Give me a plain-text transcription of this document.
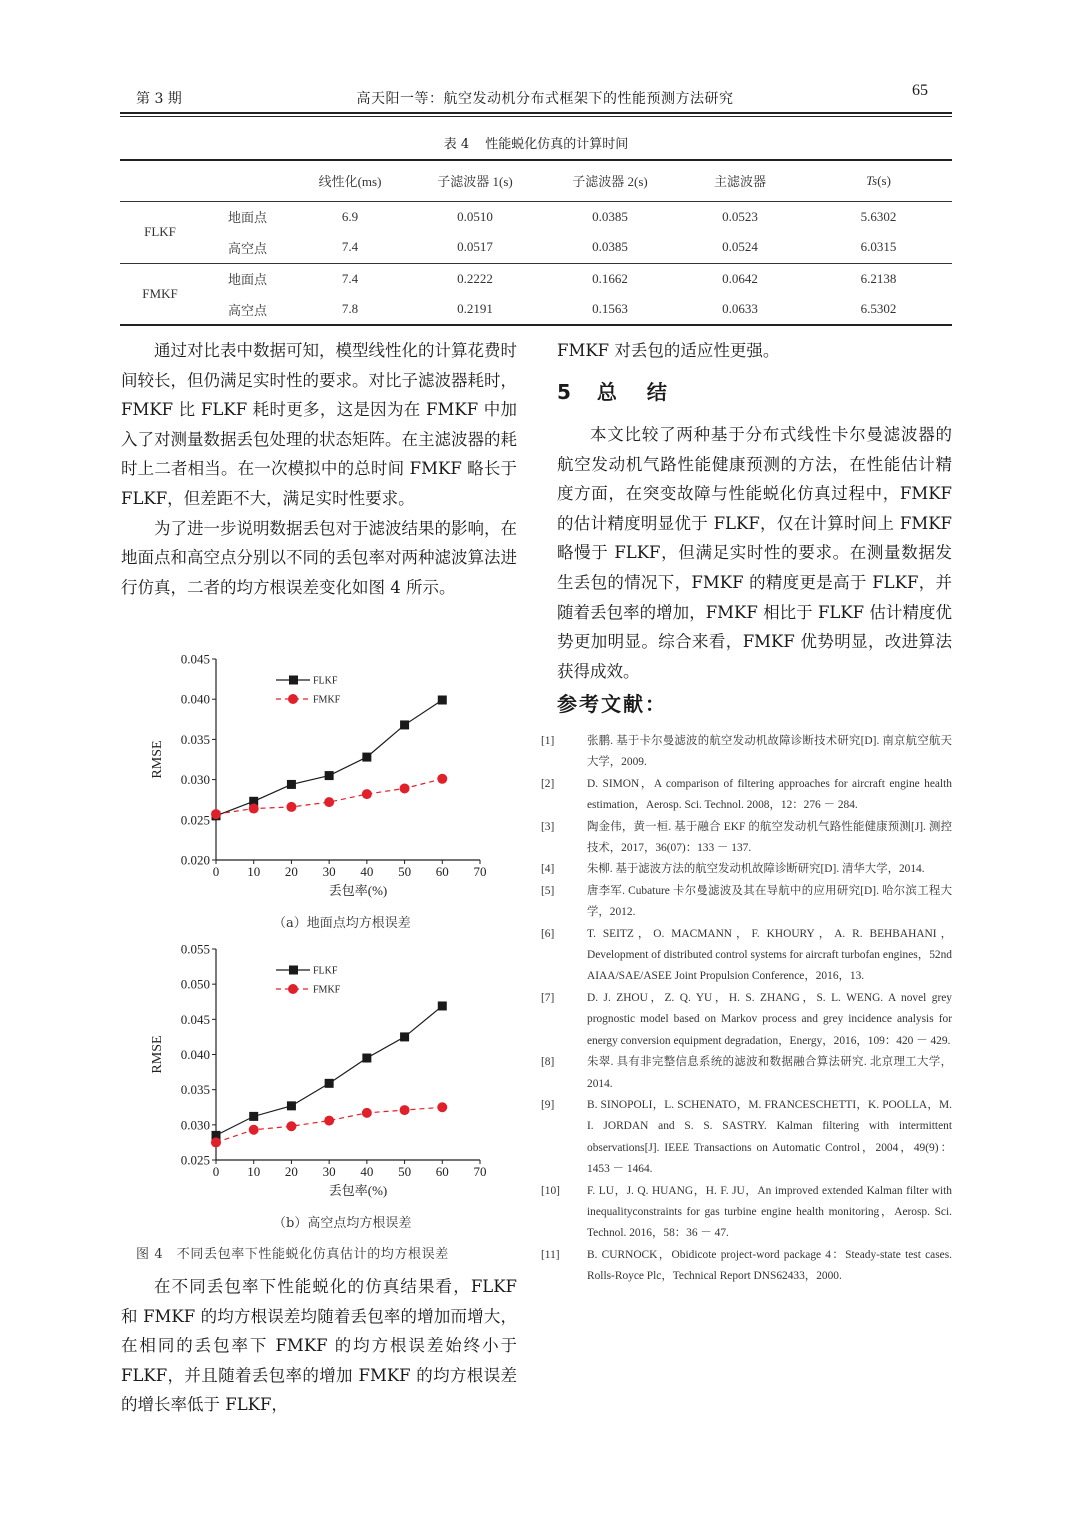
第 3 期	高天阳一等：航空发动机分布式框架下的性能预测方法研究	65
表 4 性能蜕化仿真的计算时间
		线性化(ms)	子滤波器 1(s)	子滤波器 2(s)	主滤波器	Ts(s)
FLKF	地面点	6.9	0.0510	0.0385	0.0523	5.6302
	高空点	7.4	0.0517	0.0385	0.0524	6.0315
FMKF	地面点	7.4	0.2222	0.1662	0.0642	6.2138
	高空点	7.8	0.2191	0.1563	0.0633	6.5302

通过对比表中数据可知，模型线性化的计算花费时间较长，但仍满足实时性的要求。对比子滤波器耗时，FMKF 比 FLKF 耗时更多，这是因为在 FMKF 中加入了对测量数据丢包处理的状态矩阵。在主滤波器的耗时上二者相当。在一次模拟中的总时间 FMKF 略长于 FLKF，但差距不大，满足实时性要求。

为了进一步说明数据丢包对于滤波结果的影响，在地面点和高空点分别以不同的丢包率对两种滤波算法进行仿真，二者的均方根误差变化如图 4 所示。

0.020
0.025
0.030
0.035
0.040
0.045
0 10 20 30 40 50 60 70
丢包率(%)
RMSE
FLKF
FMKF
（a）地面点均方根误差
0.025
0.030
0.035
0.040
0.045
0.050
0.055
0 10 20 30 40 50 60 70
丢包率(%)
RMSE
FLKF
FMKF
（b）高空点均方根误差
图 4　不同丢包率下性能蜕化仿真估计的均方根误差

在不同丢包率下性能蜕化的仿真结果看，FLKF 和 FMKF 的均方根误差均随着丢包率的增加而增大，在相同的丢包率下 FMKF 的均方根误差始终小于 FLKF，并且随着丢包率的增加 FMKF 的均方根误差的增长率低于 FLKF，

FMKF 对丢包的适应性更强。

5 总 结

本文比较了两种基于分布式线性卡尔曼滤波器的航空发动机气路性能健康预测的方法，在性能估计精度方面，在突变故障与性能蜕化仿真过程中，FMKF 的估计精度明显优于 FLKF，仅在计算时间上 FMKF 略慢于 FLKF，但满足实时性的要求。在测量数据发生丢包的情况下，FMKF 的精度更是高于 FLKF，并随着丢包率的增加，FMKF 相比于 FLKF 估计精度优势更加明显。综合来看，FMKF 优势明显，改进算法获得成效。

参考文献：
[1]	张鹏. 基于卡尔曼滤波的航空发动机故障诊断技术研究[D]. 南京航空航天大学，2009.
[2]	D. SIMON，A comparison of filtering approaches for aircraft engine health estimation，Aerosp. Sci. Technol. 2008，12：276 － 284.
[3]	陶金伟，黄一桓. 基于融合 EKF 的航空发动机气路性能健康预测[J]. 测控技术，2017，36(07)：133 － 137.
[4]	朱柳. 基于滤波方法的航空发动机故障诊断研究[D]. 清华大学，2014.
[5]	唐李军. Cubature 卡尔曼滤波及其在导航中的应用研究[D]. 哈尔滨工程大学，2012.
[6]	T. SEITZ，O. MACMANN，F. KHOURY，A. R. BEHBAHANI，Development of distributed control systems for aircraft turbofan engines，52nd AIAA/SAE/ASEE Joint Propulsion Conference，2016，13.
[7]	D. J. ZHOU，Z. Q. YU，H. S. ZHANG，S. L. WENG. A novel grey prognostic model based on Markov process and grey incidence analysis for energy conversion equipment degradation，Energy，2016，109：420 － 429.
[8]	朱翠. 具有非完整信息系统的滤波和数据融合算法研究. 北京理工大学，2014.
[9]	B. SINOPOLI，L. SCHENATO，M. FRANCESCHETTI，K. POOLLA，M. I. JORDAN and S. S. SASTRY. Kalman filtering with intermittent observations[J]. IEEE Transactions on Automatic Control，2004，49(9)：1453 － 1464.
[10]	F. LU，J. Q. HUANG，H. F. JU，An improved extended Kalman filter with inequalityconstraints for gas turbine engine health monitoring，Aerosp. Sci. Technol. 2016，58：36 － 47.
[11]	B. CURNOCK，Obidicote project-word package 4：Steady-state test cases. Rolls-Royce Plc，Technical Report DNS62433，2000.
